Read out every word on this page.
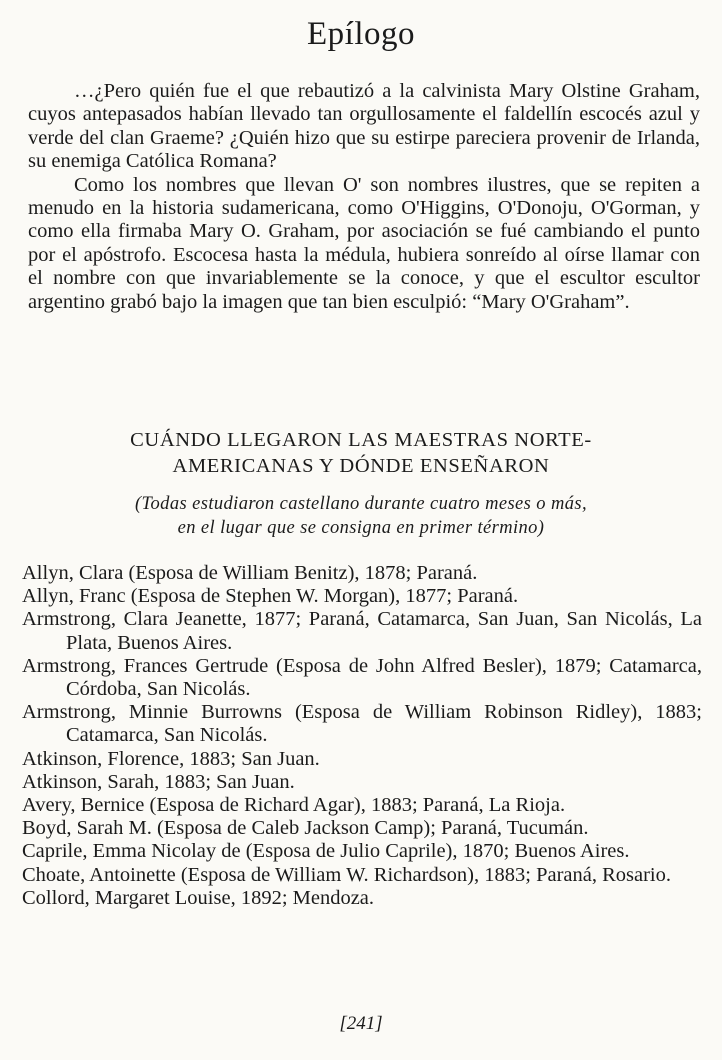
Epílogo

…¿Pero quién fue el que rebautizó a la calvinista Mary Olstine Graham, cuyos antepasados habían llevado tan orgullosamente el faldellín escocés azul y verde del clan Graeme? ¿Quién hizo que su estirpe pareciera provenir de Irlanda, su enemiga Católica Romana?

Como los nombres que llevan O' son nombres ilustres, que se repiten a menudo en la historia sudamericana, como O'Higgins, O'Donoju, O'Gorman, y como ella firmaba Mary O. Graham, por asociación se fué cambiando el punto por el apóstrofo. Escocesa hasta la médula, hubiera sonreído al oírse llamar con el nombre con que invariablemente se la conoce, y que el escultor escultor argentino grabó bajo la imagen que tan bien esculpió: “Mary O'Graham”.

CUÁNDO LLEGARON LAS MAESTRAS NORTE-
AMERICANAS Y DÓNDE ENSEÑARON
(Todas estudiaron castellano durante cuatro meses o más,
en el lugar que se consigna en primer término)
Allyn, Clara (Esposa de William Benitz), 1878; Paraná.
Allyn, Franc (Esposa de Stephen W. Morgan), 1877; Paraná.
Armstrong, Clara Jeanette, 1877; Paraná, Catamarca, San Juan, San Nicolás, La Plata, Buenos Aires.
Armstrong, Frances Gertrude (Esposa de John Alfred Besler), 1879; Catamarca, Córdoba, San Nicolás.
Armstrong, Minnie Burrowns (Esposa de William Robinson Ridley), 1883; Catamarca, San Nicolás.
Atkinson, Florence, 1883; San Juan.
Atkinson, Sarah, 1883; San Juan.
Avery, Bernice (Esposa de Richard Agar), 1883; Paraná, La Rioja.
Boyd, Sarah M. (Esposa de Caleb Jackson Camp); Paraná, Tucumán.
Caprile, Emma Nicolay de (Esposa de Julio Caprile), 1870; Buenos Aires.
Choate, Antoinette (Esposa de William W. Richardson), 1883; Paraná, Rosario.
Collord, Margaret Louise, 1892; Mendoza.
[241]
